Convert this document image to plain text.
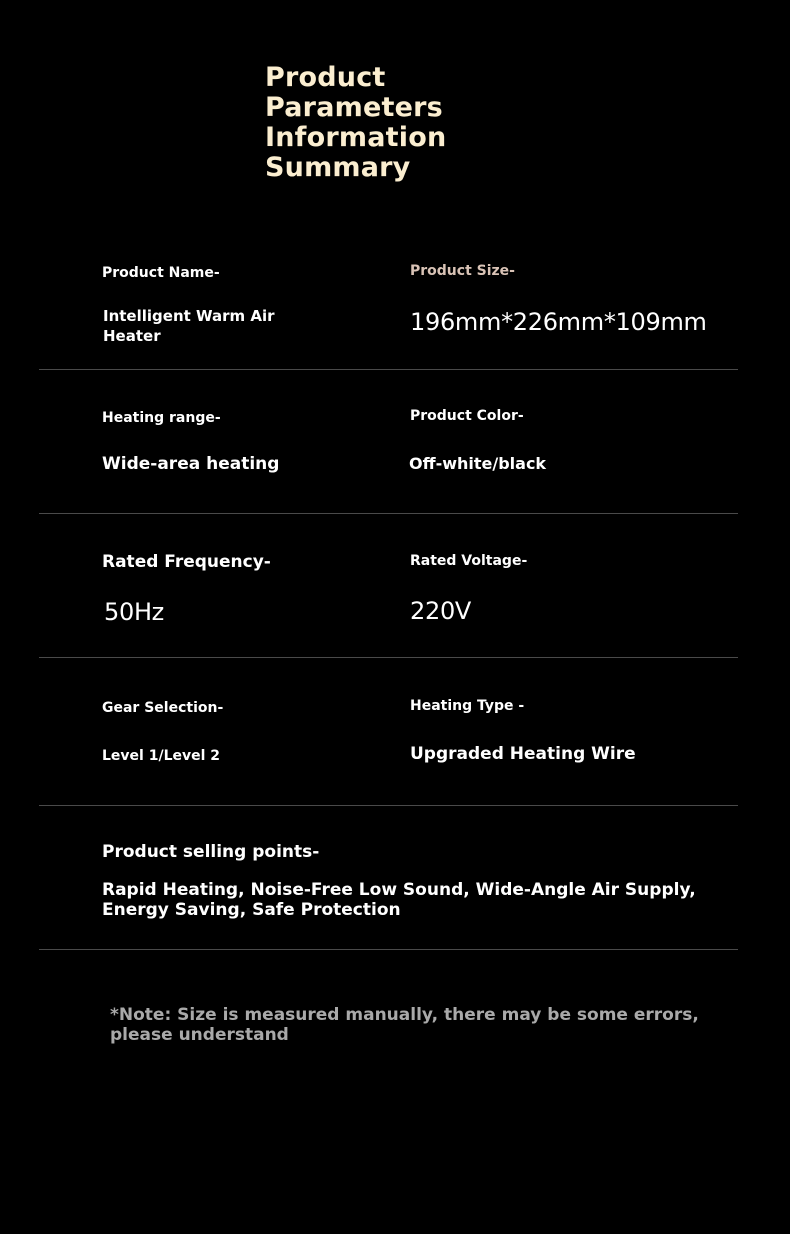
Product
Parameters
Information
Summary
Product Name-
Intelligent Warm Air Heater
Product Size-
196mm*226mm*109mm
Heating range-
Wide-area heating
Product Color-
Off-white/black
Rated Frequency-
50Hz
Rated Voltage-
220V
Gear Selection-
Level 1/Level 2
Heating Type -
Upgraded Heating Wire
Product selling points-
Rapid Heating, Noise-Free Low Sound, Wide-Angle Air Supply, Energy Saving, Safe Protection

*Note: Size is measured manually, there may be some errors, please understand
